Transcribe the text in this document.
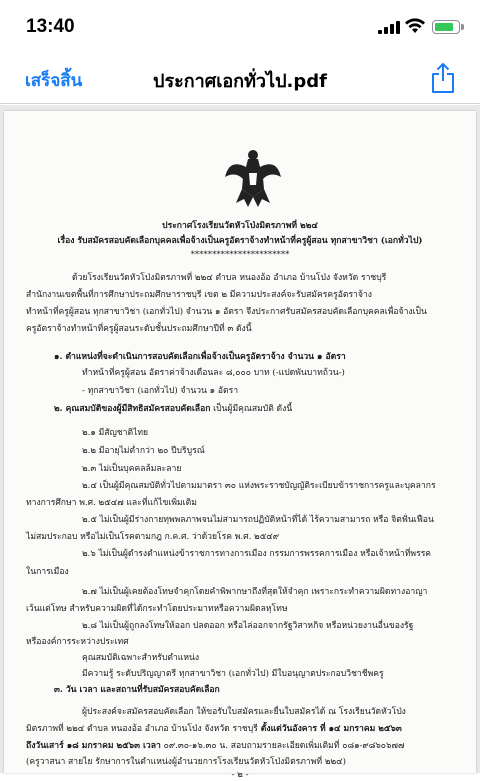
13:40
เสร็จสิ้น	ประกาศเอกทั่วไป.pdf
ประกาศโรงเรียนวัดหัวโป่งมิตรภาพที่ ๒๒๔
เรื่อง รับสมัครสอบคัดเลือกบุคคลเพื่อจ้างเป็นครูอัตราจ้างทำหน้าที่ครูผู้สอน ทุกสาขาวิชา (เอกทั่วไป)
***********************
ด้วยโรงเรียนวัดหัวโป่งมิตรภาพที่ ๒๒๔ ตำบล หนองอ้อ อำเภอ บ้านโป่ง จังหวัด ราชบุรี
สำนักงานเขตพื้นที่การศึกษาประถมศึกษาราชบุรี เขต ๒ มีความประสงค์จะรับสมัครครูอัตราจ้าง
ทำหน้าที่ครูผู้สอน ทุกสาขาวิชา (เอกทั่วไป) จำนวน ๑ อัตรา จึงประกาศรับสมัครสอบคัดเลือกบุคคลเพื่อจ้างเป็น
ครูอัตราจ้างทำหน้าที่ครูผู้สอนระดับชั้นประถมศึกษาปีที่ ๓ ดังนี้
๑. ตำแหน่งที่จะดำเนินการสอบคัดเลือกเพื่อจ้างเป็นครูอัตราจ้าง จำนวน ๑ อัตรา
ทำหน้าที่ครูผู้สอน อัตราค่าจ้างเดือนละ ๘,๐๐๐ บาท (-แปดพันบาทถ้วน-)
- ทุกสาขาวิชา (เอกทั่วไป) จำนวน ๑ อัตรา
๒. คุณสมบัติของผู้มีสิทธิสมัครสอบคัดเลือก เป็นผู้มีคุณสมบัติ ดังนี้
๒.๑ มีสัญชาติไทย
๒.๒ มีอายุไม่ต่ำกว่า ๒๐ ปีบริบูรณ์
๒.๓ ไม่เป็นบุคคลล้มละลาย
๒.๔ เป็นผู้มีคุณสมบัติทั่วไปตามมาตรา ๓๐ แห่งพระราชบัญญัติระเบียบข้าราชการครูและบุคลากร
ทางการศึกษา พ.ศ. ๒๕๔๗ และที่แก้ไขเพิ่มเติม
๒.๕ ไม่เป็นผู้มีร่างกายทุพพลภาพจนไม่สามารถปฏิบัติหน้าที่ได้ ไร้ความสามารถ หรือ จิตฟั่นเฟือน
ไม่สมประกอบ หรือไม่เป็นโรคตามกฎ ก.ค.ศ. ว่าด้วยโรค พ.ศ. ๒๕๔๙
๒.๖ ไม่เป็นผู้ดำรงตำแหน่งข้าราชการทางการเมือง กรรมการพรรคการเมือง หรือเจ้าหน้าที่พรรค
ในการเมือง
๒.๗ ไม่เป็นผู้เคยต้องโทษจำคุกโดยคำพิพากษาถึงที่สุดให้จำคุก เพราะกระทำความผิดทางอาญา
เว้นแต่โทษ สำหรับความผิดที่ได้กระทำโดยประมาทหรือความผิดลหุโทษ
๒.๘ ไม่เป็นผู้ถูกลงโทษให้ออก ปลดออก หรือไล่ออกจากรัฐวิสาหกิจ หรือหน่วยงานอื่นของรัฐ
หรือองค์การระหว่างประเทศ
คุณสมบัติเฉพาะสำหรับตำแหน่ง
มีความรู้ ระดับปริญญาตรี ทุกสาขาวิชา (เอกทั่วไป) มีใบอนุญาตประกอบวิชาชีพครู
๓. วัน เวลา และสถานที่รับสมัครสอบคัดเลือก
ผู้ประสงค์จะสมัครสอบคัดเลือก ให้ขอรับใบสมัครและยื่นใบสมัครได้ ณ โรงเรียนวัดหัวโป่ง
มิตรภาพที่ ๒๒๔ ตำบล หนองอ้อ อำเภอ บ้านโป่ง จังหวัด ราชบุรี ตั้งแต่วันอังคาร ที่ ๑๔ มกราคม ๒๕๖๓
ถึงวันเสาร์ ๑๘ มกราคม ๒๕๖๓ เวลา ๐๙.๓๐-๑๖.๓๐ น. สอบถามรายละเอียดเพิ่มเติมที่ ๐๘๑-๙๘๖๐๖๗๗
(ครูวาสนา สายไย รักษาการในตำแหน่งผู้อำนวยการโรงเรียนวัดหัวโป่งมิตรภาพที่ ๒๒๔)
- ๒ -
